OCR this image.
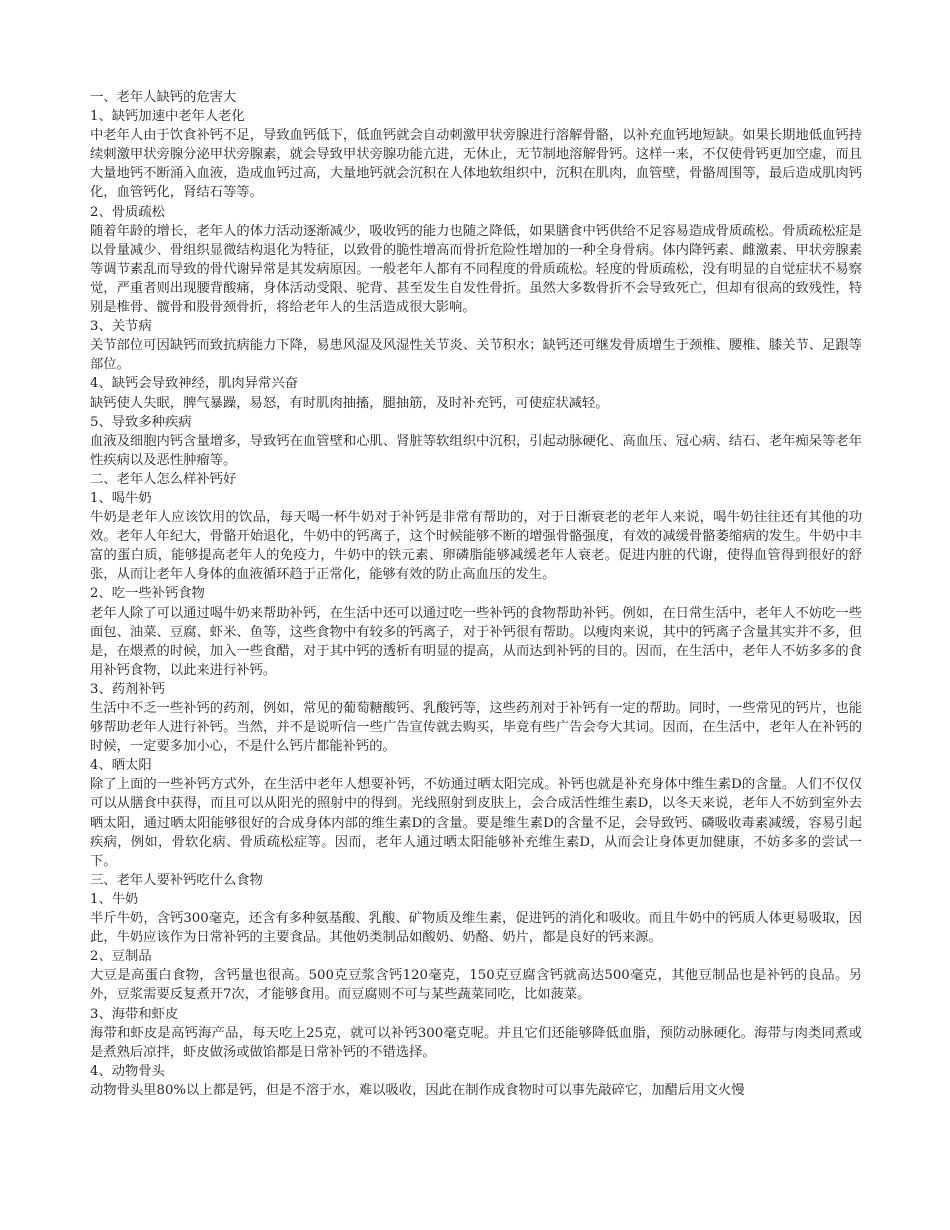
一、老年人缺钙的危害大
1、缺钙加速中老年人老化
中老年人由于饮食补钙不足，导致血钙低下，低血钙就会自动刺激甲状旁腺进行溶解骨骼，以补充血钙地短缺。如果长期地低血钙持续刺激甲状旁腺分泌甲状旁腺素，就会导致甲状旁腺功能亢进，无休止，无节制地溶解骨钙。这样一来，不仅使骨钙更加空虚，而且大量地钙不断涌入血液，造成血钙过高，大量地钙就会沉积在人体地软组织中，沉积在肌肉，血管壁，骨骼周围等，最后造成肌肉钙化，血管钙化，肾结石等等。
2、骨质疏松
随着年龄的增长，老年人的体力活动逐渐减少，吸收钙的能力也随之降低，如果膳食中钙供给不足容易造成骨质疏松。骨质疏松症是以骨量减少、骨组织显微结构退化为特征，以致骨的脆性增高而骨折危险性增加的一种全身骨病。体内降钙素、雌激素、甲状旁腺素等调节素乱而导致的骨代谢异常是其发病原因。一般老年人都有不同程度的骨质疏松。轻度的骨质疏松，没有明显的自觉症状不易察觉，严重者则出现腰背酸痛，身体活动受限、驼背、甚至发生自发性骨折。虽然大多数骨折不会导致死亡，但却有很高的致残性，特别是椎骨、髋骨和股骨颈骨折，将给老年人的生活造成很大影响。
3、关节病
关节部位可因缺钙而致抗病能力下降，易患风湿及风湿性关节炎、关节积水；缺钙还可继发骨质增生于颈椎、腰椎、膝关节、足跟等部位。
4、缺钙会导致神经，肌肉异常兴奋
缺钙使人失眠，脾气暴躁，易怒，有时肌肉抽搐，腿抽筋，及时补充钙，可使症状减轻。
5、导致多种疾病
血液及细胞内钙含量增多，导致钙在血管壁和心肌、肾脏等软组织中沉积，引起动脉硬化、高血压、冠心病、结石、老年痴呆等老年性疾病以及恶性肿瘤等。
二、老年人怎么样补钙好
1、喝牛奶
牛奶是老年人应该饮用的饮品，每天喝一杯牛奶对于补钙是非常有帮助的，对于日渐衰老的老年人来说，喝牛奶往往还有其他的功效。老年人年纪大，骨骼开始退化，牛奶中的钙离子，这个时候能够不断的增强骨骼强度，有效的减缓骨骼萎缩病的发生。牛奶中丰富的蛋白质，能够提高老年人的免疫力，牛奶中的铁元素、卵磷脂能够减缓老年人衰老。促进内脏的代谢，使得血管得到很好的舒张，从而让老年人身体的血液循环趋于正常化，能够有效的防止高血压的发生。
2、吃一些补钙食物
老年人除了可以通过喝牛奶来帮助补钙，在生活中还可以通过吃一些补钙的食物帮助补钙。例如，在日常生活中，老年人不妨吃一些面包、油菜、豆腐、虾米、鱼等，这些食物中有较多的钙离子，对于补钙很有帮助。以瘦肉来说，其中的钙离子含量其实并不多，但是，在煨煮的时候，加入一些食醋，对于其中钙的透析有明显的提高，从而达到补钙的目的。因而，在生活中，老年人不妨多多的食用补钙食物，以此来进行补钙。
3、药剂补钙
生活中不乏一些补钙的药剂，例如，常见的葡萄糖酸钙、乳酸钙等，这些药剂对于补钙有一定的帮助。同时，一些常见的钙片，也能够帮助老年人进行补钙。当然，并不是说听信一些广告宣传就去购买，毕竟有些广告会夸大其词。因而，在生活中，老年人在补钙的时候，一定要多加小心，不是什么钙片都能补钙的。
4、晒太阳
除了上面的一些补钙方式外，在生活中老年人想要补钙，不妨通过晒太阳完成。补钙也就是补充身体中维生素D的含量。人们不仅仅可以从膳食中获得，而且可以从阳光的照射中的得到。光线照射到皮肤上，会合成活性维生素D，以冬天来说，老年人不妨到室外去晒太阳，通过晒太阳能够很好的合成身体内部的维生素D的含量。要是维生素D的含量不足，会导致钙、磷吸收毒素减缓，容易引起疾病，例如，骨软化病、骨质疏松症等。因而，老年人通过晒太阳能够补充维生素D，从而会让身体更加健康，不妨多多的尝试一下。
三、老年人要补钙吃什么食物
1、牛奶
半斤牛奶，含钙300毫克，还含有多种氨基酸、乳酸、矿物质及维生素，促进钙的消化和吸收。而且牛奶中的钙质人体更易吸取，因此，牛奶应该作为日常补钙的主要食品。其他奶类制品如酸奶、奶酪、奶片，都是良好的钙来源。
2、豆制品
大豆是高蛋白食物，含钙量也很高。500克豆浆含钙120毫克，150克豆腐含钙就高达500毫克，其他豆制品也是补钙的良品。另外，豆浆需要反复煮开7次，才能够食用。而豆腐则不可与某些蔬菜同吃，比如菠菜。
3、海带和虾皮
海带和虾皮是高钙海产品，每天吃上25克，就可以补钙300毫克呢。并且它们还能够降低血脂，预防动脉硬化。海带与肉类同煮或是煮熟后凉拌，虾皮做汤或做馅都是日常补钙的不错选择。
4、动物骨头
动物骨头里80%以上都是钙，但是不溶于水，难以吸收，因此在制作成食物时可以事先敲碎它，加醋后用文火慢
